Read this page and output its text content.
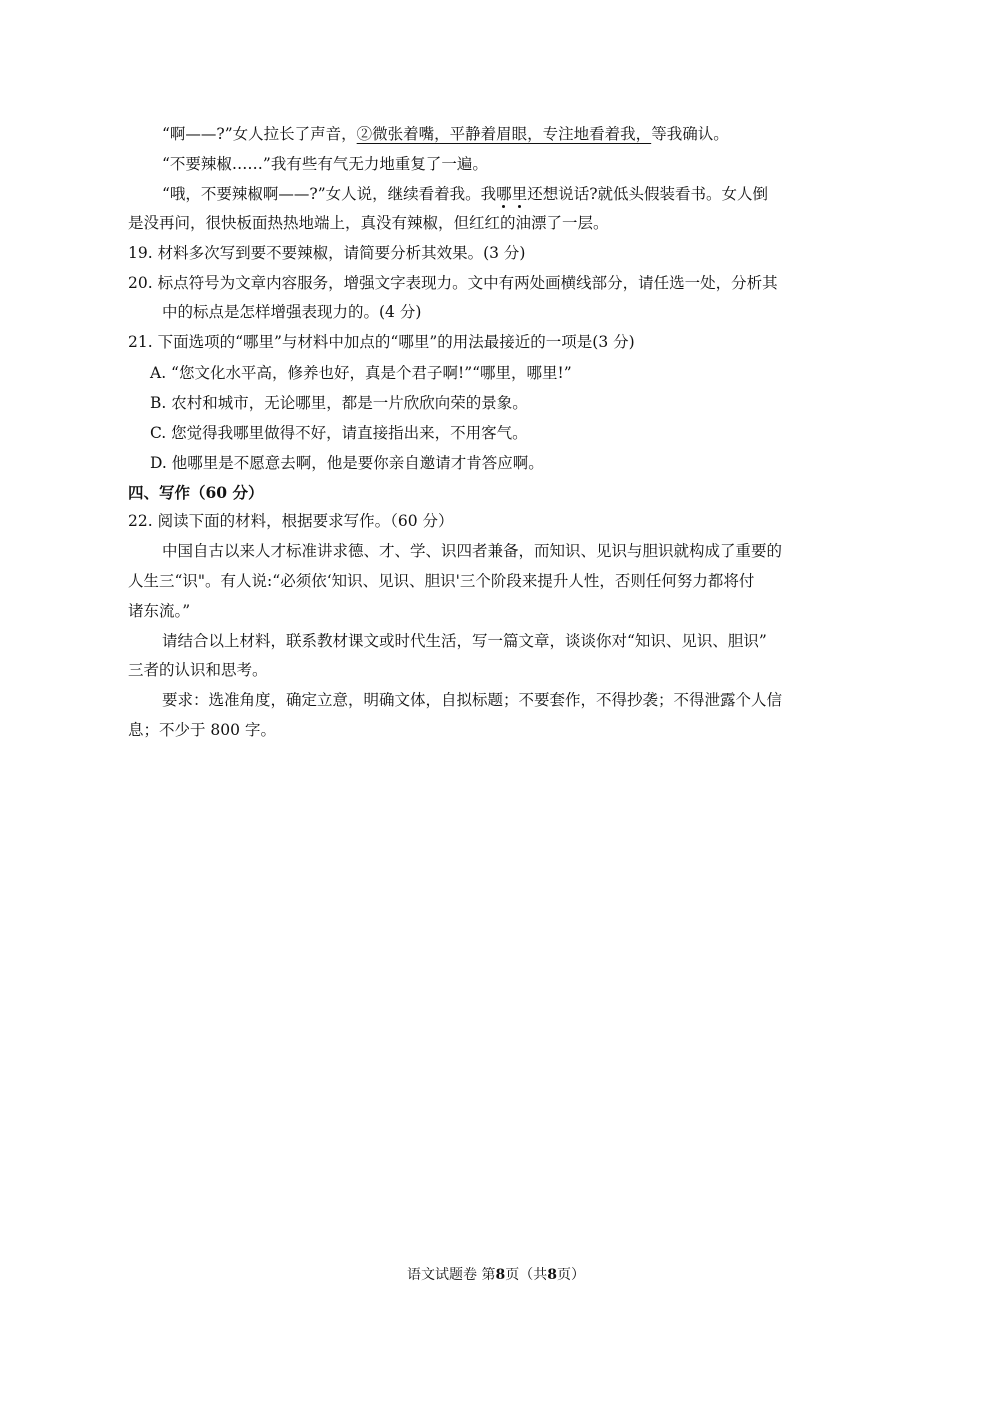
“啊——?”女人拉长了声音，②微张着嘴，平静着眉眼，专注地看着我，等我确认。
“不要辣椒……”我有些有气无力地重复了一遍。
“哦，不要辣椒啊——?”女人说，继续看着我。我哪里还想说话?就低头假装看书。女人倒
是没再问，很快板面热热地端上，真没有辣椒，但红红的油漂了一层。
19. 材料多次写到要不要辣椒，请简要分析其效果。(3 分)
20. 标点符号为文章内容服务，增强文字表现力。文中有两处画横线部分，请任选一处，分析其
中的标点是怎样增强表现力的。(4 分)
21. 下面选项的“哪里”与材料中加点的“哪里”的用法最接近的一项是(3 分)
A. “您文化水平高，修养也好，真是个君子啊!”“哪里，哪里!”
B. 农村和城市，无论哪里，都是一片欣欣向荣的景象。
C. 您觉得我哪里做得不好，请直接指出来，不用客气。
D. 他哪里是不愿意去啊，他是要你亲自邀请才肯答应啊。
四、写作（60 分）
22. 阅读下面的材料，根据要求写作。（60 分）
中国自古以来人才标准讲求德、才、学、识四者兼备，而知识、见识与胆识就构成了重要的
人生三“识"。有人说:“必须依‘知识、见识、胆识'三个阶段来提升人性，否则任何努力都将付
诸东流。”
请结合以上材料，联系教材课文或时代生活，写一篇文章，谈谈你对“知识、见识、胆识”
三者的认识和思考。
要求：选准角度，确定立意，明确文体，自拟标题；不要套作，不得抄袭；不得泄露个人信
息；不少于 800 字。
语文试题卷 第8页（共8页）
